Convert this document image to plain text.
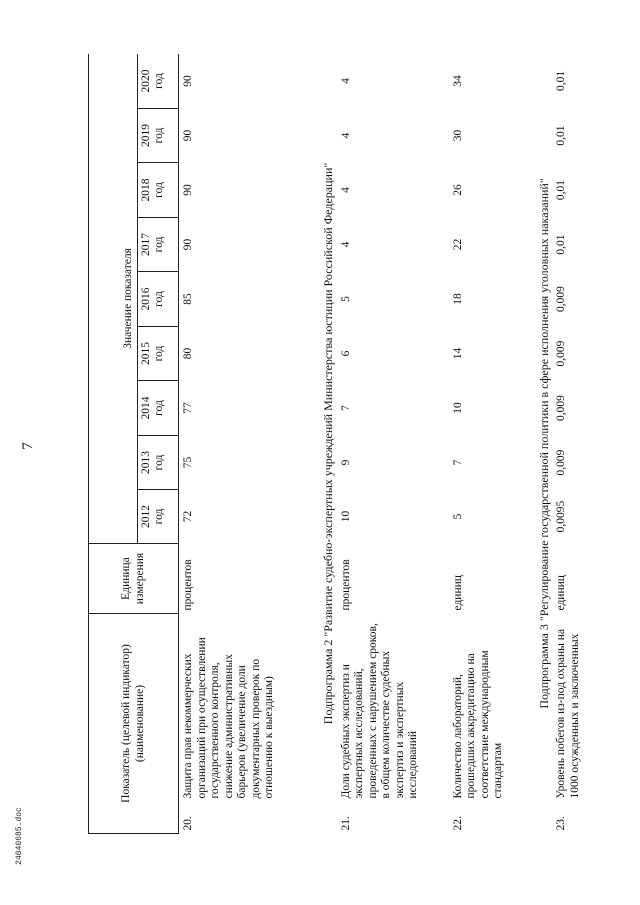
7
24040685.doc
Показатель (целевой индикатор) (наименование)		Единица измерения	Значение показателя								

			2012 год	2013 год	2014 год	2015 год	2016 год	2017 год	2018 год	2019 год	2020 год

20.	Защита прав некоммерческих организаций при осуществлении государственного контроля, снижение административных барьеров (увеличение доли документарных проверок по отношению к выездным)	процентов	72	75	77	80	85	90	90	90	90
Подпрограмма 2 "Развитие судебно-экспертных учреждений Министерства юстиции Российской Федерации"											
21.	Доли судебных экспертиз и экспертных исследований, проведенных с нарушением сроков, в общем количестве судебных экспертиз и экспертных исследований	процентов	10	9	7	6	5	4	4	4	4
22.	Количество лабораторий, прошедших аккредитацию на соответствие международным стандартам	единиц	5	7	10	14	18	22	26	30	34
Подпрограмма 3 "Регулирование государственной политики в сфере исполнения уголовных наказаний"											
23.	Уровень побегов из-под охраны на 1000 осужденных и заключенных	единиц	0,0095	0,009	0,009	0,009	0,009	0,01	0,01	0,01	0,01
